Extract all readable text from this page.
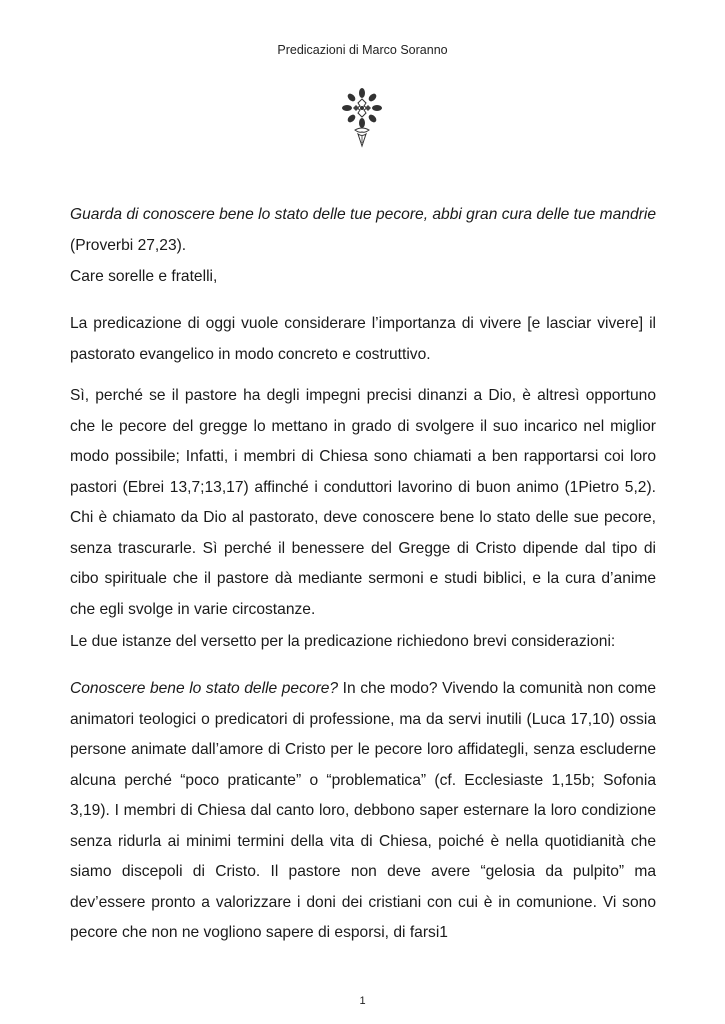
Predicazioni di Marco Soranno

Guarda di conoscere bene lo stato delle tue pecore, abbi gran cura delle tue mandrie (Proverbi 27,23).

Care sorelle e fratelli,

La predicazione di oggi vuole considerare l’importanza di vivere [e lasciar vivere] il pastorato evangelico in modo concreto e costruttivo.

Sì, perché se il pastore ha degli impegni precisi dinanzi a Dio, è altresì opportuno che le pecore del gregge lo mettano in grado di svolgere il suo incarico nel miglior modo possibile; Infatti, i membri di Chiesa sono chiamati a ben rapportarsi coi loro pastori (Ebrei 13,7;13,17) affinché i conduttori lavorino di buon animo (1Pietro 5,2). Chi è chiamato da Dio al pastorato, deve conoscere bene lo stato delle sue pecore, senza trascurarle. Sì perché il benessere del Gregge di Cristo dipende dal tipo di cibo spirituale che il pastore dà mediante sermoni e studi biblici, e la cura d’anime che egli svolge in varie circostanze.

Le due istanze del versetto per la predicazione richiedono brevi considerazioni:

Conoscere bene lo stato delle pecore? In che modo? Vivendo la comunità non come animatori teologici o predicatori di professione, ma da servi inutili (Luca 17,10) ossia persone animate dall’amore di Cristo per le pecore loro affidategli, senza escluderne alcuna perché “poco praticante” o “problematica” (cf. Ecclesiaste 1,15b; Sofonia 3,19). I membri di Chiesa dal canto loro, debbono saper esternare la loro condizione senza ridurla ai minimi termini della vita di Chiesa, poiché è nella quotidianità che siamo discepoli di Cristo. Il pastore non deve avere “gelosia da pulpito” ma dev’essere pronto a valorizzare i doni dei cristiani con cui è in comunione. Vi sono pecore che non ne vogliono sapere di esporsi, di farsi1

1
